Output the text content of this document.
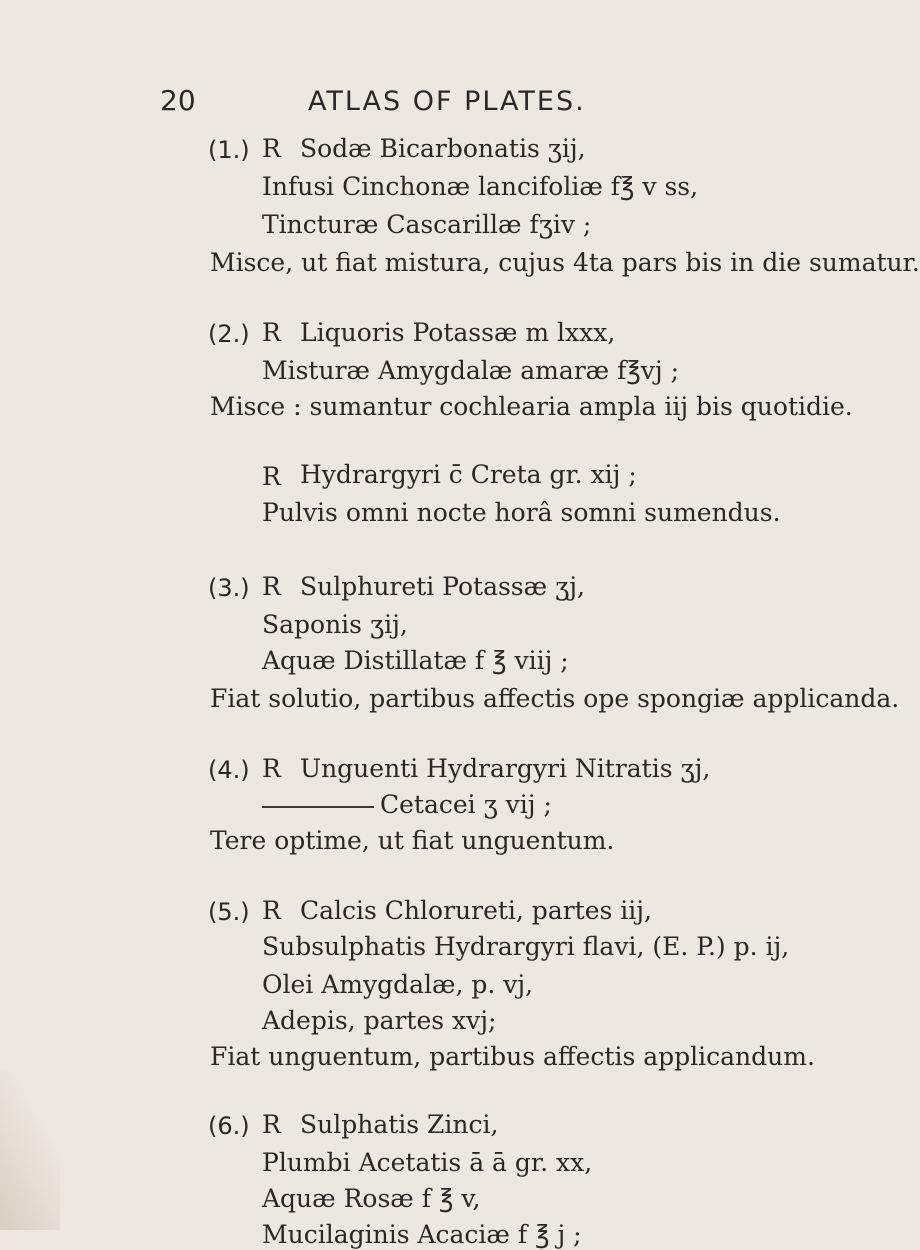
20	ATLAS OF PLATES.
(1.) R Sodæ Bicarbonatis ʒij,
Infusi Cinchonæ lancifoliæ f℥ v ss,
Tincturæ Cascarillæ fʒiv ;
Misce, ut fiat mistura, cujus 4ta pars bis in die sumatur.
(2.) R Liquoris Potassæ m lxxx,
Misturæ Amygdalæ amaræ f℥vj ;
Misce : sumantur cochlearia ampla iij bis quotidie.
R Hydrargyri c̄ Creta gr. xij ;
Pulvis omni nocte horâ somni sumendus.
(3.) R Sulphureti Potassæ ʒj,
Saponis ʒij,
Aquæ Distillatæ f ℥ viij ;
Fiat solutio, partibus affectis ope spongiæ applicanda.
(4.) R Unguenti Hydrargyri Nitratis ʒj,
Cetacei ʒ vij ;
Tere optime, ut fiat unguentum.
(5.) R Calcis Chlorureti, partes iij,
Subsulphatis Hydrargyri flavi, (E. P.) p. ij,
Olei Amygdalæ, p. vj,
Adepis, partes xvj;
Fiat unguentum, partibus affectis applicandum.
(6.) R Sulphatis Zinci,
Plumbi Acetatis ā ā gr. xx,
Aquæ Rosæ f ℥ v,
Mucilaginis Acaciæ f ℥ j ;
